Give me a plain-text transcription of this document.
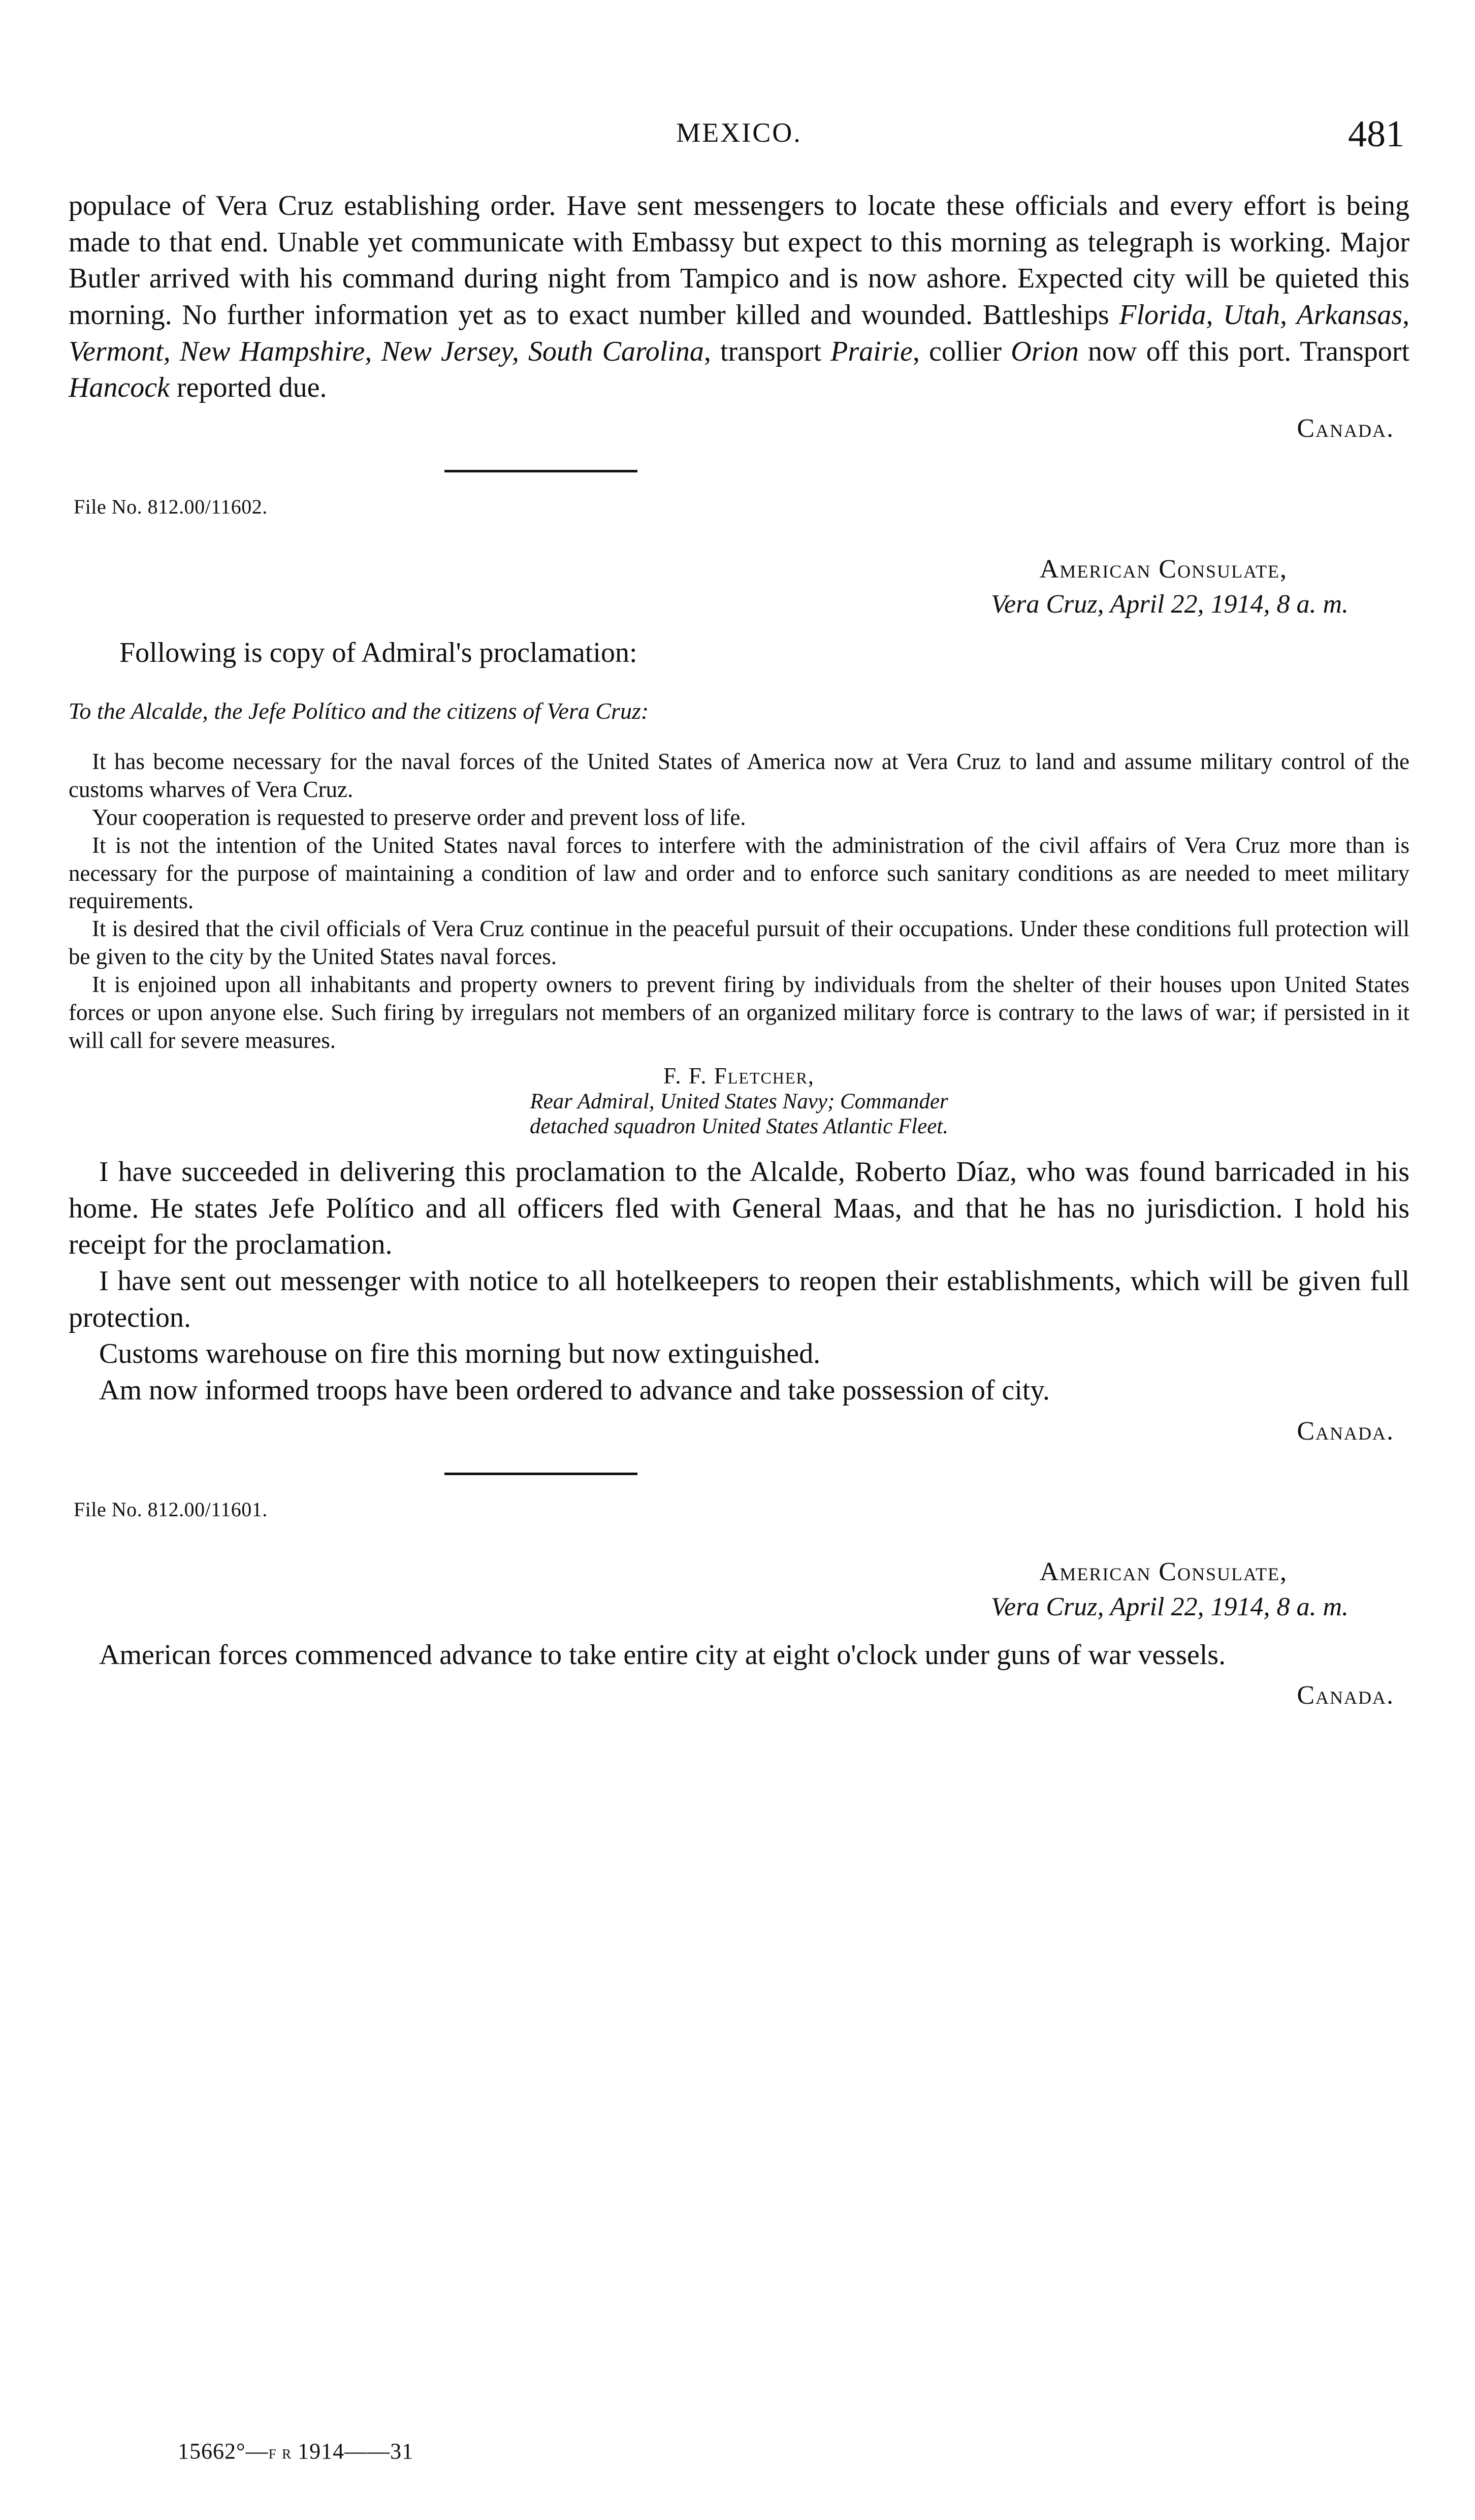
MEXICO.	481

populace of Vera Cruz establishing order. Have sent messengers to locate these officials and every effort is being made to that end. Unable yet communicate with Embassy but expect to this morning as telegraph is working. Major Butler arrived with his command during night from Tampico and is now ashore. Expected city will be quieted this morning. No further information yet as to exact number killed and wounded. Battleships Florida, Utah, Arkansas, Vermont, New Hampshire, New Jersey, South Carolina, transport Prairie, collier Orion now off this port. Transport Hancock reported due.

Canada.

File No. 812.00/11602.

American Consulate,
Vera Cruz, April 22, 1914, 8 a. m.

Following is copy of Admiral's proclamation:

To the Alcalde, the Jefe Político and the citizens of Vera Cruz:

It has become necessary for the naval forces of the United States of America now at Vera Cruz to land and assume military control of the customs wharves of Vera Cruz.

Your cooperation is requested to preserve order and prevent loss of life.

It is not the intention of the United States naval forces to interfere with the administration of the civil affairs of Vera Cruz more than is necessary for the purpose of maintaining a condition of law and order and to enforce such sanitary conditions as are needed to meet military requirements.

It is desired that the civil officials of Vera Cruz continue in the peaceful pursuit of their occupations. Under these conditions full protection will be given to the city by the United States naval forces.

It is enjoined upon all inhabitants and property owners to prevent firing by individuals from the shelter of their houses upon United States forces or upon anyone else. Such firing by irregulars not members of an organized military force is contrary to the laws of war; if persisted in it will call for severe measures.

F. F. Fletcher,
Rear Admiral, United States Navy; Commander
detached squadron United States Atlantic Fleet.

I have succeeded in delivering this proclamation to the Alcalde, Roberto Díaz, who was found barricaded in his home. He states Jefe Político and all officers fled with General Maas, and that he has no jurisdiction. I hold his receipt for the proclamation.

I have sent out messenger with notice to all hotelkeepers to reopen their establishments, which will be given full protection.

Customs warehouse on fire this morning but now extinguished.

Am now informed troops have been ordered to advance and take possession of city.

Canada.

File No. 812.00/11601.

American Consulate,
Vera Cruz, April 22, 1914, 8 a. m.

American forces commenced advance to take entire city at eight o'clock under guns of war vessels.

Canada.
15662°—f r 1914——31
